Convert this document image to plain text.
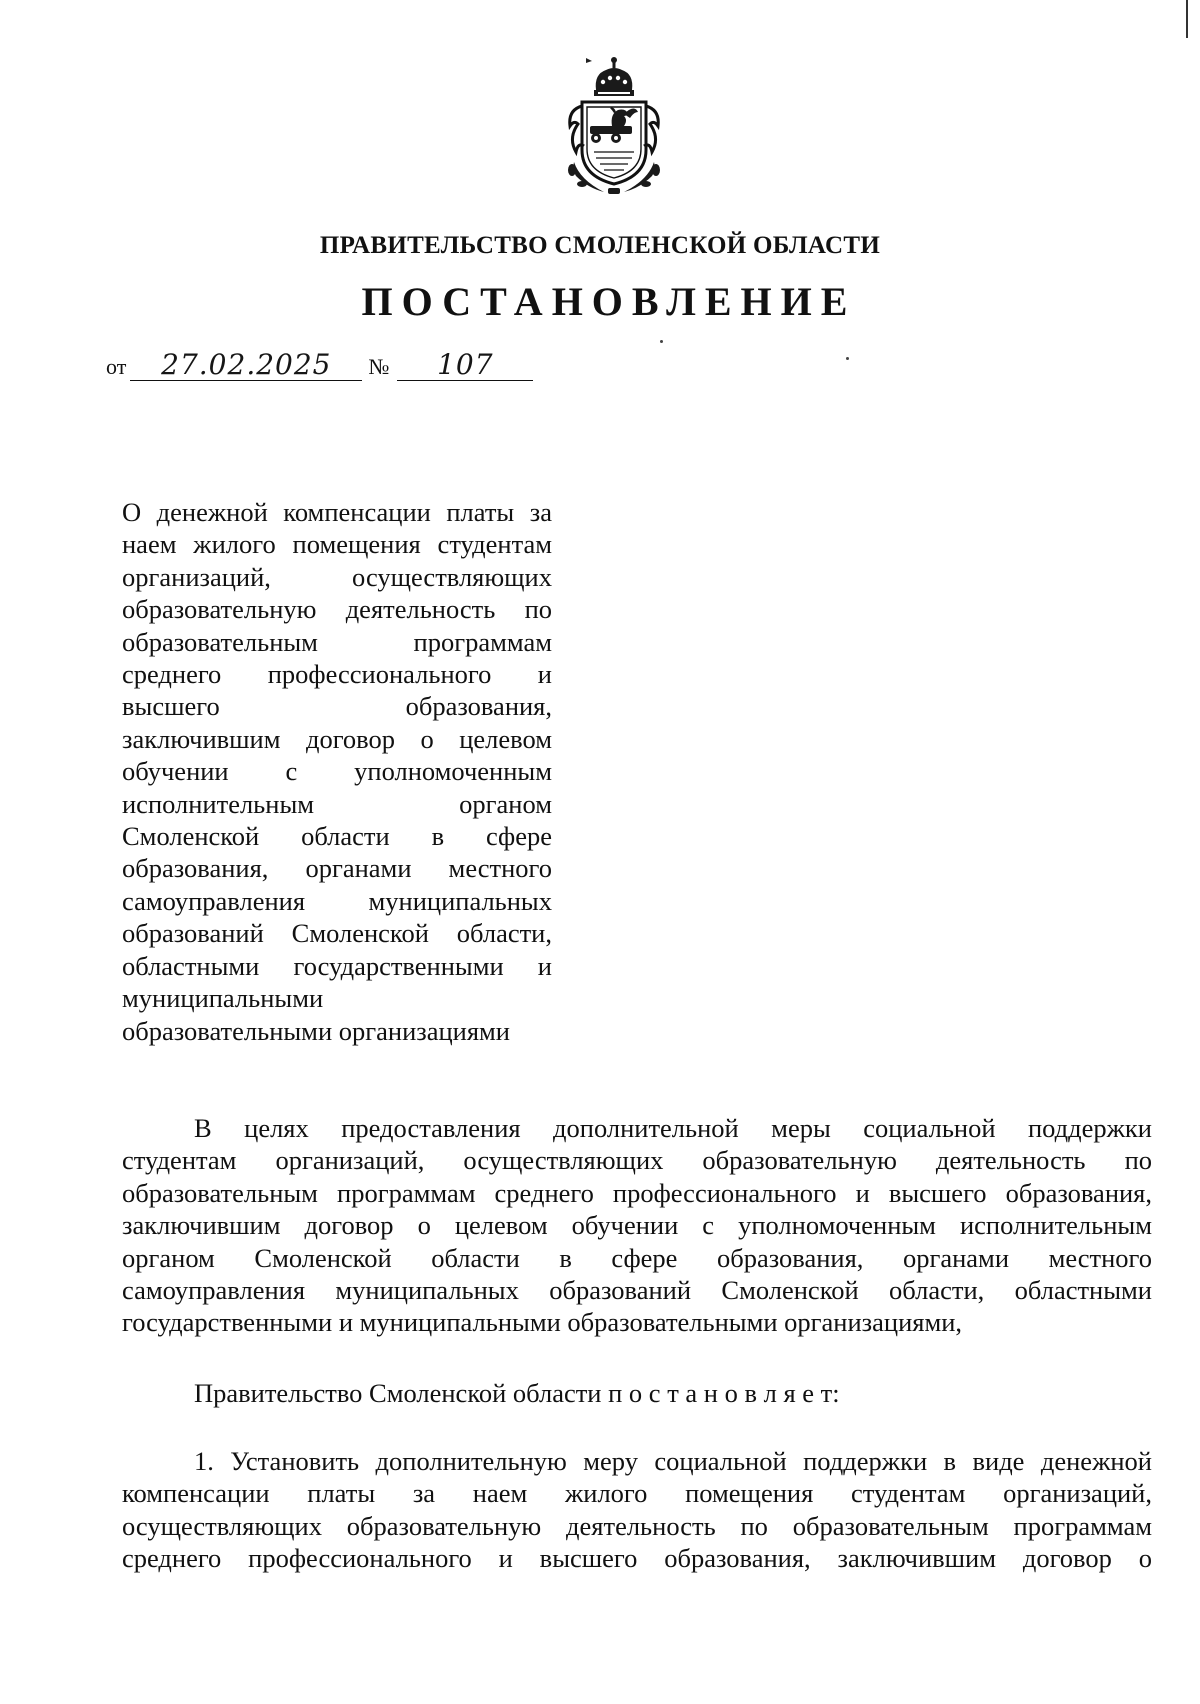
ПРАВИТЕЛЬСТВО СМОЛЕНСКОЙ ОБЛАСТИ
ПОСТАНОВЛЕНИЕ
от 27.02.2025 № 107
О денежной компенсации платы за
наем жилого помещения студентам
организаций, осуществляющих
образовательную деятельность по
образовательным программам
среднего профессионального и
высшего образования,
заключившим договор о целевом
обучении с уполномоченным
исполнительным органом
Смоленской области в сфере
образования, органами местного
самоуправления муниципальных
образований Смоленской области,
областными государственными и
муниципальными
образовательными организациями
В целях предоставления дополнительной меры социальной поддержки
студентам организаций, осуществляющих образовательную деятельность по
образовательным программам среднего профессионального и высшего образования,
заключившим договор о целевом обучении с уполномоченным исполнительным
органом Смоленской области в сфере образования, органами местного
самоуправления муниципальных образований Смоленской области, областными
государственными и муниципальными образовательными организациями,
Правительство Смоленской области п о с т а н о в л я е т:
1. Установить дополнительную меру социальной поддержки в виде денежной
компенсации платы за наем жилого помещения студентам организаций,
осуществляющих образовательную деятельность по образовательным программам
среднего профессионального и высшего образования, заключившим договор о
